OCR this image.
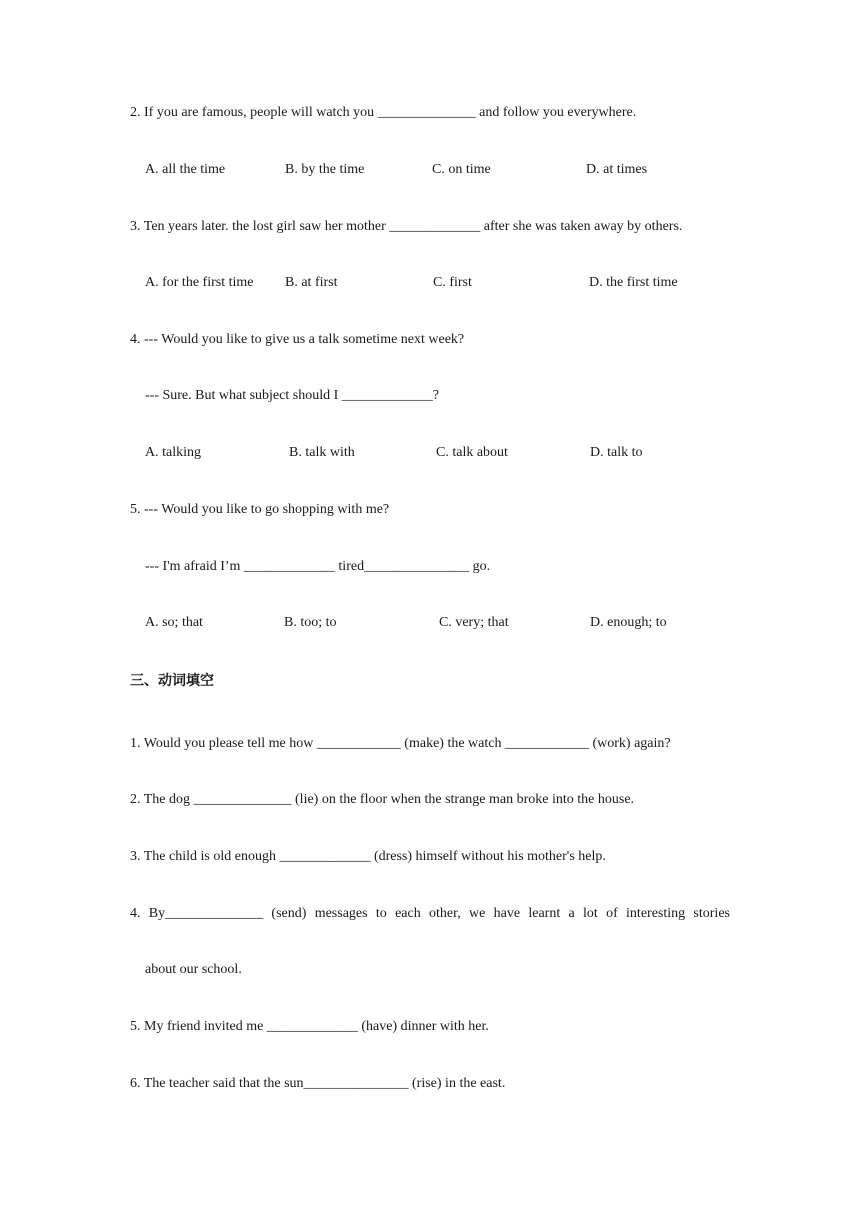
2. If you are famous, people will watch you ______________ and follow you everywhere.
A. all the time	B. by the time	C. on time	D. at times
3. Ten years later. the lost girl saw her mother _____________ after she was taken away by others.
A. for the first time B. at first	C. first	D. the first time
4. --- Would you like to give us a talk sometime next week?
--- Sure. But what subject should I _____________?
A. talking	B. talk with	C. talk about	D. talk to
5. --- Would you like to go shopping with me?
--- I'm afraid I’m _____________ tired_______________ go.
A. so; that	B. too; to	C. very; that	D. enough; to
三、动词填空
1. Would you please tell me how ____________ (make) the watch ____________ (work) again?
2. The dog ______________ (lie) on the floor when the strange man broke into the house.
3. The child is old enough _____________ (dress) himself without his mother's help.
4. By______________ (send) messages to each other, we have learnt a lot of interesting stories
about our school.
5. My friend invited me _____________ (have) dinner with her.
6. The teacher said that the sun_______________ (rise) in the east.
